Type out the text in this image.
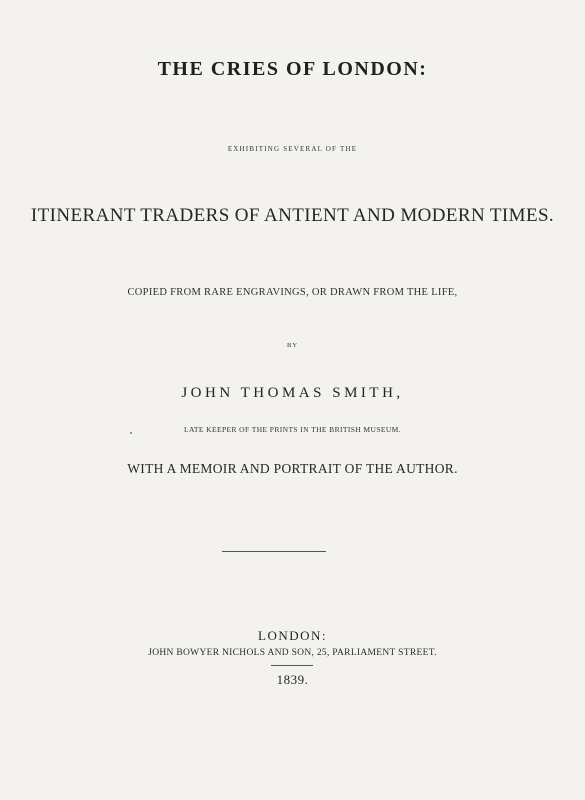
THE CRIES OF LONDON:
EXHIBITING SEVERAL OF THE
ITINERANT TRADERS OF ANTIENT AND MODERN TIMES.
COPIED FROM RARE ENGRAVINGS, OR DRAWN FROM THE LIFE,
BY
JOHN THOMAS SMITH,
LATE KEEPER OF THE PRINTS IN THE BRITISH MUSEUM.
WITH A MEMOIR AND PORTRAIT OF THE AUTHOR.
LONDON:
JOHN BOWYER NICHOLS AND SON, 25, PARLIAMENT STREET.
1839.
